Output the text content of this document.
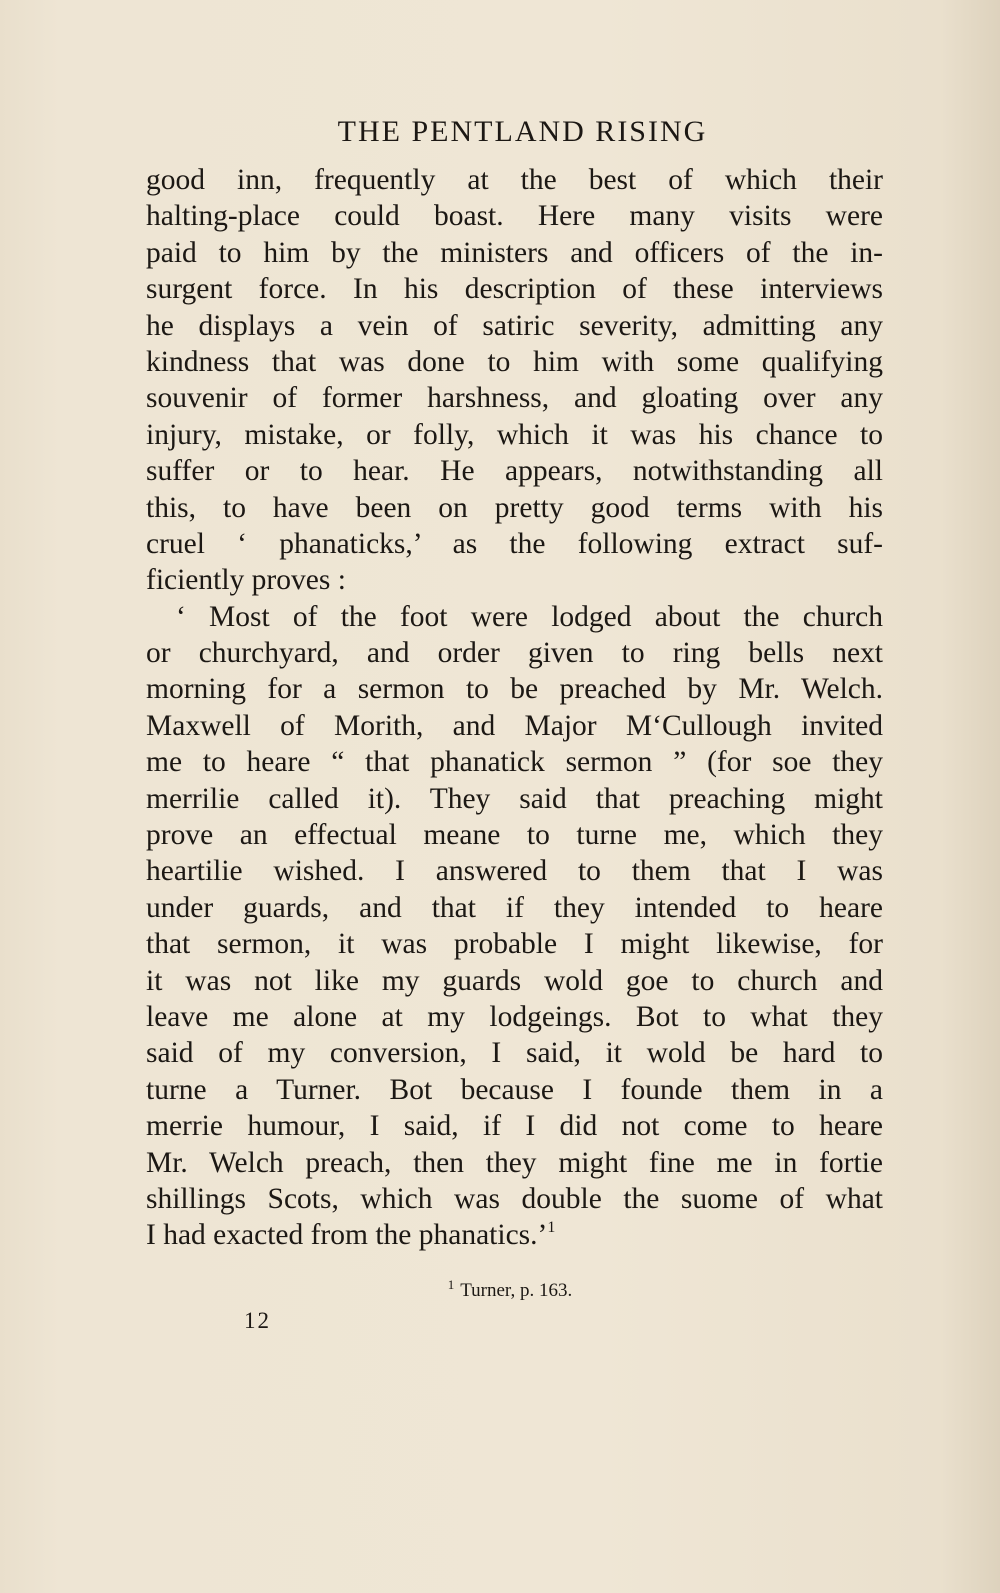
THE PENTLAND RISING

good inn, frequently at the best of which their
halting-place could boast. Here many visits were
paid to him by the ministers and officers of the in-
surgent force. In his description of these interviews
he displays a vein of satiric severity, admitting any
kindness that was done to him with some qualifying
souvenir of former harshness, and gloating over any
injury, mistake, or folly, which it was his chance to
suffer or to hear. He appears, notwithstanding all
this, to have been on pretty good terms with his
cruel ‘ phanaticks,’ as the following extract suf-
ficiently proves :

‘ Most of the foot were lodged about the church
or churchyard, and order given to ring bells next
morning for a sermon to be preached by Mr. Welch.
Maxwell of Morith, and Major M‘Cullough invited
me to heare “ that phanatick sermon ” (for soe they
merrilie called it). They said that preaching might
prove an effectual meane to turne me, which they
heartilie wished. I answered to them that I was
under guards, and that if they intended to heare
that sermon, it was probable I might likewise, for
it was not like my guards wold goe to church and
leave me alone at my lodgeings. Bot to what they
said of my conversion, I said, it wold be hard to
turne a Turner. Bot because I founde them in a
merrie humour, I said, if I did not come to heare
Mr. Welch preach, then they might fine me in fortie
shillings Scots, which was double the suome of what
I had exacted from the phanatics.’$^1$

$^1$ Turner, p. 163.
12
